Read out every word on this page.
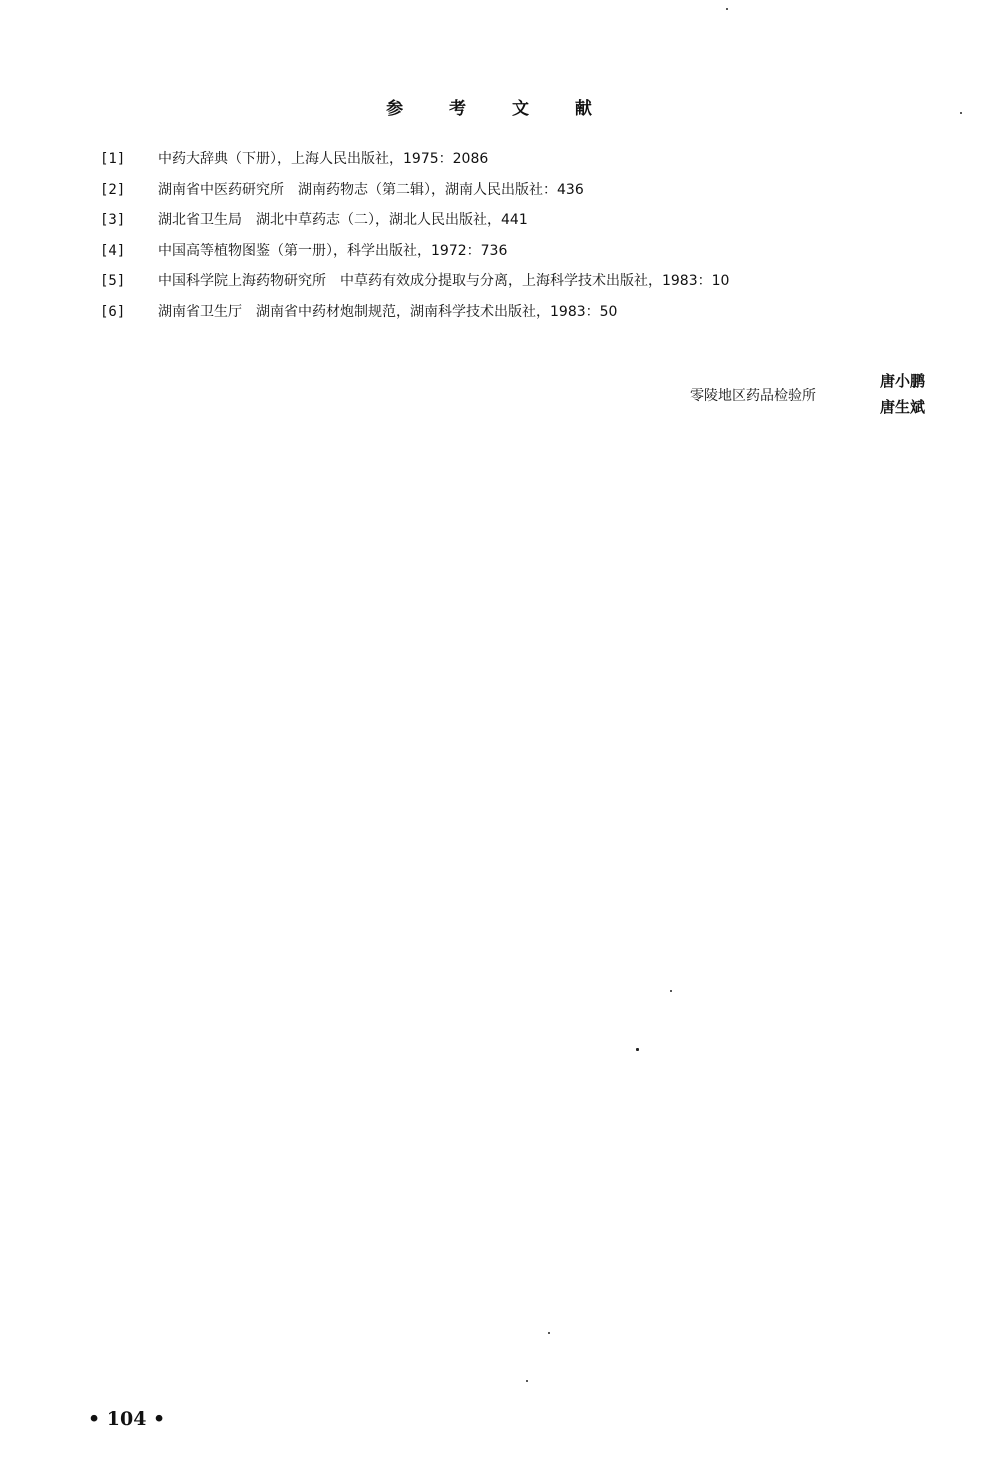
参 考 文 献
[1]	中药大辞典（下册），上海人民出版社，1975：2086
[2]	湖南省中医药研究所　湖南药物志（第二辑），湖南人民出版社：436
[3]	湖北省卫生局　湖北中草药志（二），湖北人民出版社，441
[4]	中国高等植物图鉴（第一册），科学出版社，1972：736
[5]	中国科学院上海药物研究所　中草药有效成分提取与分离，上海科学技术出版社，1983：10
[6]	湖南省卫生厅　湖南省中药材炮制规范，湖南科学技术出版社，1983：50
零陵地区药品检验所
唐小鹏
唐生斌
• 104 •
